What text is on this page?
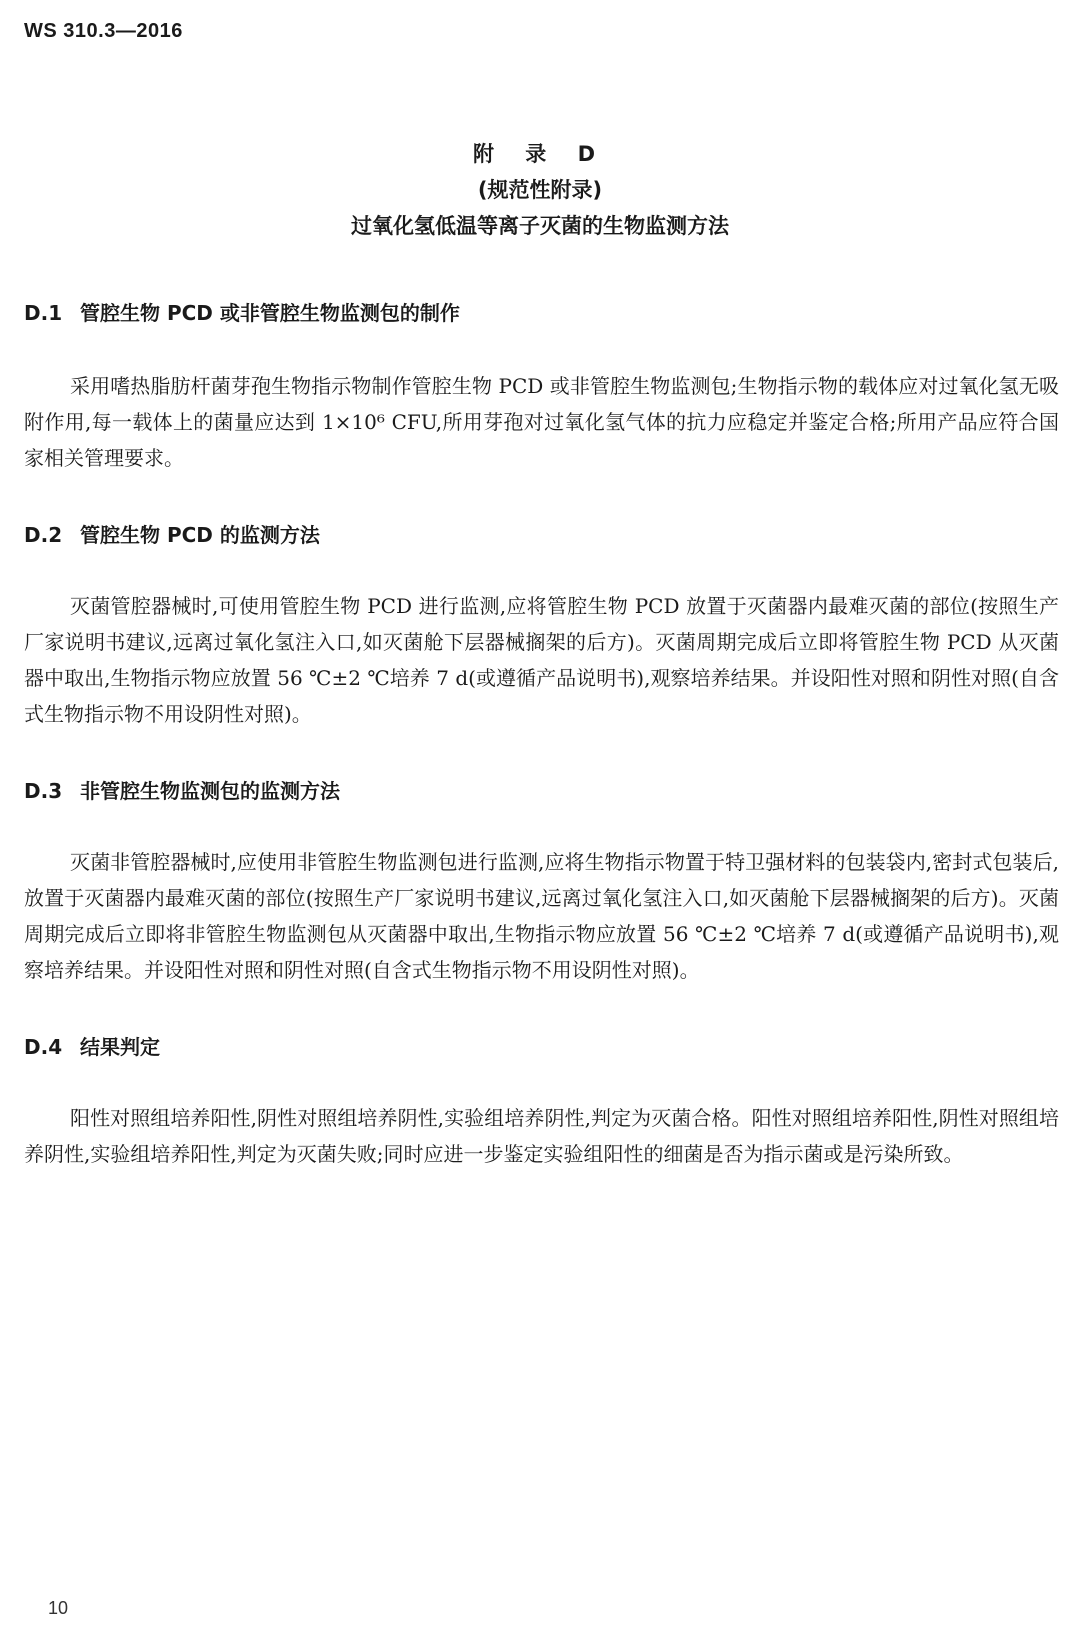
WS 310.3—2016
附 录 D
(规范性附录)
过氧化氢低温等离子灭菌的生物监测方法

D.1 管腔生物 PCD 或非管腔生物监测包的制作

采用嗜热脂肪杆菌芽孢生物指示物制作管腔生物 PCD 或非管腔生物监测包;生物指示物的载体应对过氧化氢无吸附作用,每一载体上的菌量应达到 1×10⁶ CFU,所用芽孢对过氧化氢气体的抗力应稳定并鉴定合格;所用产品应符合国家相关管理要求。

D.2 管腔生物 PCD 的监测方法

灭菌管腔器械时,可使用管腔生物 PCD 进行监测,应将管腔生物 PCD 放置于灭菌器内最难灭菌的部位(按照生产厂家说明书建议,远离过氧化氢注入口,如灭菌舱下层器械搁架的后方)。灭菌周期完成后立即将管腔生物 PCD 从灭菌器中取出,生物指示物应放置 56 ℃±2 ℃培养 7 d(或遵循产品说明书),观察培养结果。并设阳性对照和阴性对照(自含式生物指示物不用设阴性对照)。

D.3 非管腔生物监测包的监测方法

灭菌非管腔器械时,应使用非管腔生物监测包进行监测,应将生物指示物置于特卫强材料的包装袋内,密封式包装后,放置于灭菌器内最难灭菌的部位(按照生产厂家说明书建议,远离过氧化氢注入口,如灭菌舱下层器械搁架的后方)。灭菌周期完成后立即将非管腔生物监测包从灭菌器中取出,生物指示物应放置 56 ℃±2 ℃培养 7 d(或遵循产品说明书),观察培养结果。并设阳性对照和阴性对照(自含式生物指示物不用设阴性对照)。

D.4 结果判定

阳性对照组培养阳性,阴性对照组培养阴性,实验组培养阴性,判定为灭菌合格。阳性对照组培养阳性,阴性对照组培养阴性,实验组培养阳性,判定为灭菌失败;同时应进一步鉴定实验组阳性的细菌是否为指示菌或是污染所致。

10
